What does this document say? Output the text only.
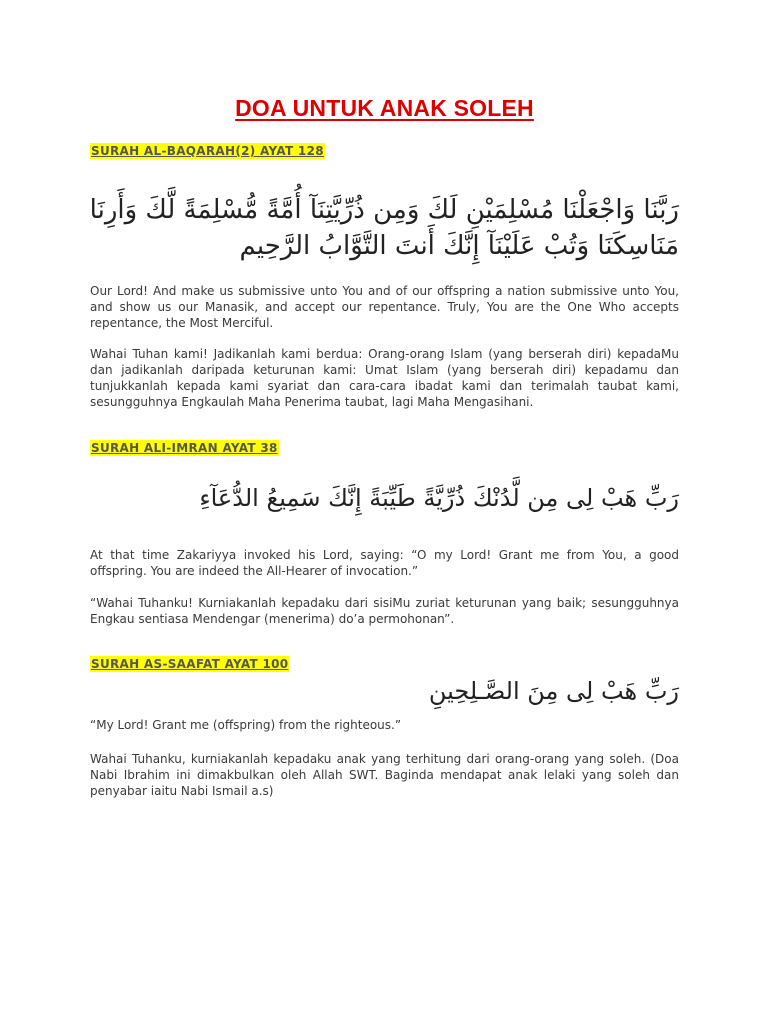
DOA UNTUK ANAK SOLEH
SURAH AL-BAQARAH(2) AYAT 128
رَبَّنَا وَاجْعَلْنَا مُسْلِمَيْنِ لَكَ وَمِن ذُرِّيَّتِنَآ أُمَّةً مُّسْلِمَةً لَّكَ وَأَرِنَا
مَنَاسِكَنَا وَتُبْ عَلَيْنَآ إِنَّكَ أَنتَ التَّوَّابُ الرَّحِيم

Our Lord! And make us submissive unto You and of our offspring a nation submissive unto You, and show us our Manasik, and accept our repentance. Truly, You are the One Who accepts repentance, the Most Merciful.

Wahai Tuhan kami! Jadikanlah kami berdua: Orang-orang Islam (yang berserah diri) kepadaMu dan jadikanlah daripada keturunan kami: Umat Islam (yang berserah diri) kepadamu dan tunjukkanlah kepada kami syariat dan cara-cara ibadat kami dan terimalah taubat kami, sesungguhnya Engkaulah Maha Penerima taubat, lagi Maha Mengasihani.

SURAH ALI-IMRAN AYAT 38
رَبِّ هَبْ لِى مِن لَّدُنْكَ ذُرِّيَّةً طَيِّبَةً إِنَّكَ سَمِيعُ الدُّعَآءِ

At that time Zakariyya invoked his Lord, saying: “O my Lord! Grant me from You, a good offspring. You are indeed the All-Hearer of invocation.”

“Wahai Tuhanku! Kurniakanlah kepadaku dari sisiMu zuriat keturunan yang baik; sesungguhnya Engkau sentiasa Mendengar (menerima) do’a permohonan”.

SURAH AS-SAAFAT AYAT 100
رَبِّ هَبْ لِى مِنَ الصَّـلِحِينِ

“My Lord! Grant me (offspring) from the righteous.”

Wahai Tuhanku, kurniakanlah kepadaku anak yang terhitung dari orang-orang yang soleh. (Doa Nabi Ibrahim ini dimakbulkan oleh Allah SWT. Baginda mendapat anak lelaki yang soleh dan penyabar iaitu Nabi Ismail a.s)
